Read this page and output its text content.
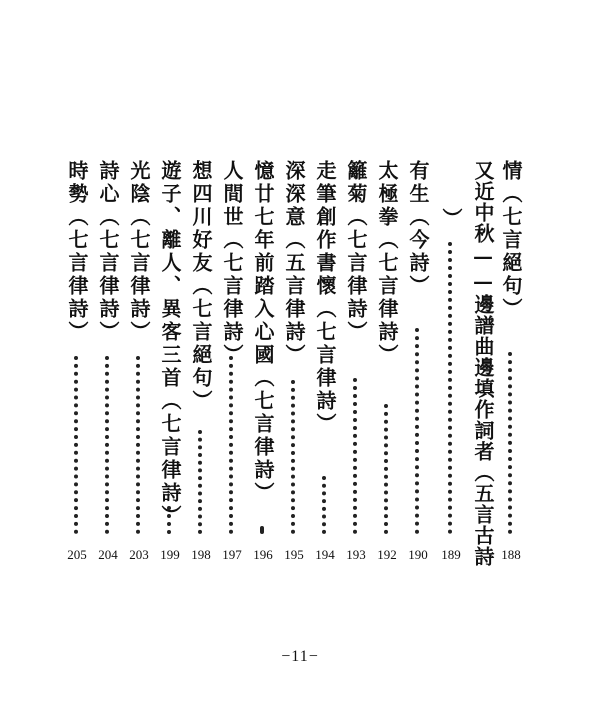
情（七言絕句）
188
又近中秋——邊譜曲邊填作詞者（五言古詩
）
189
有生（今詩）
190
太極拳（七言律詩）
192
籬菊（七言律詩）
193
走筆創作書懷（七言律詩）
194
深深意（五言律詩）
195
憶廿七年前踏入心國（七言律詩）
196
人間世（七言律詩）
197
想四川好友（七言絕句）
198
遊子、離人、異客三首（七言律詩）
199
光陰（七言律詩）
203
詩心（七言律詩）
204
時勢（七言律詩）
205
−11−
